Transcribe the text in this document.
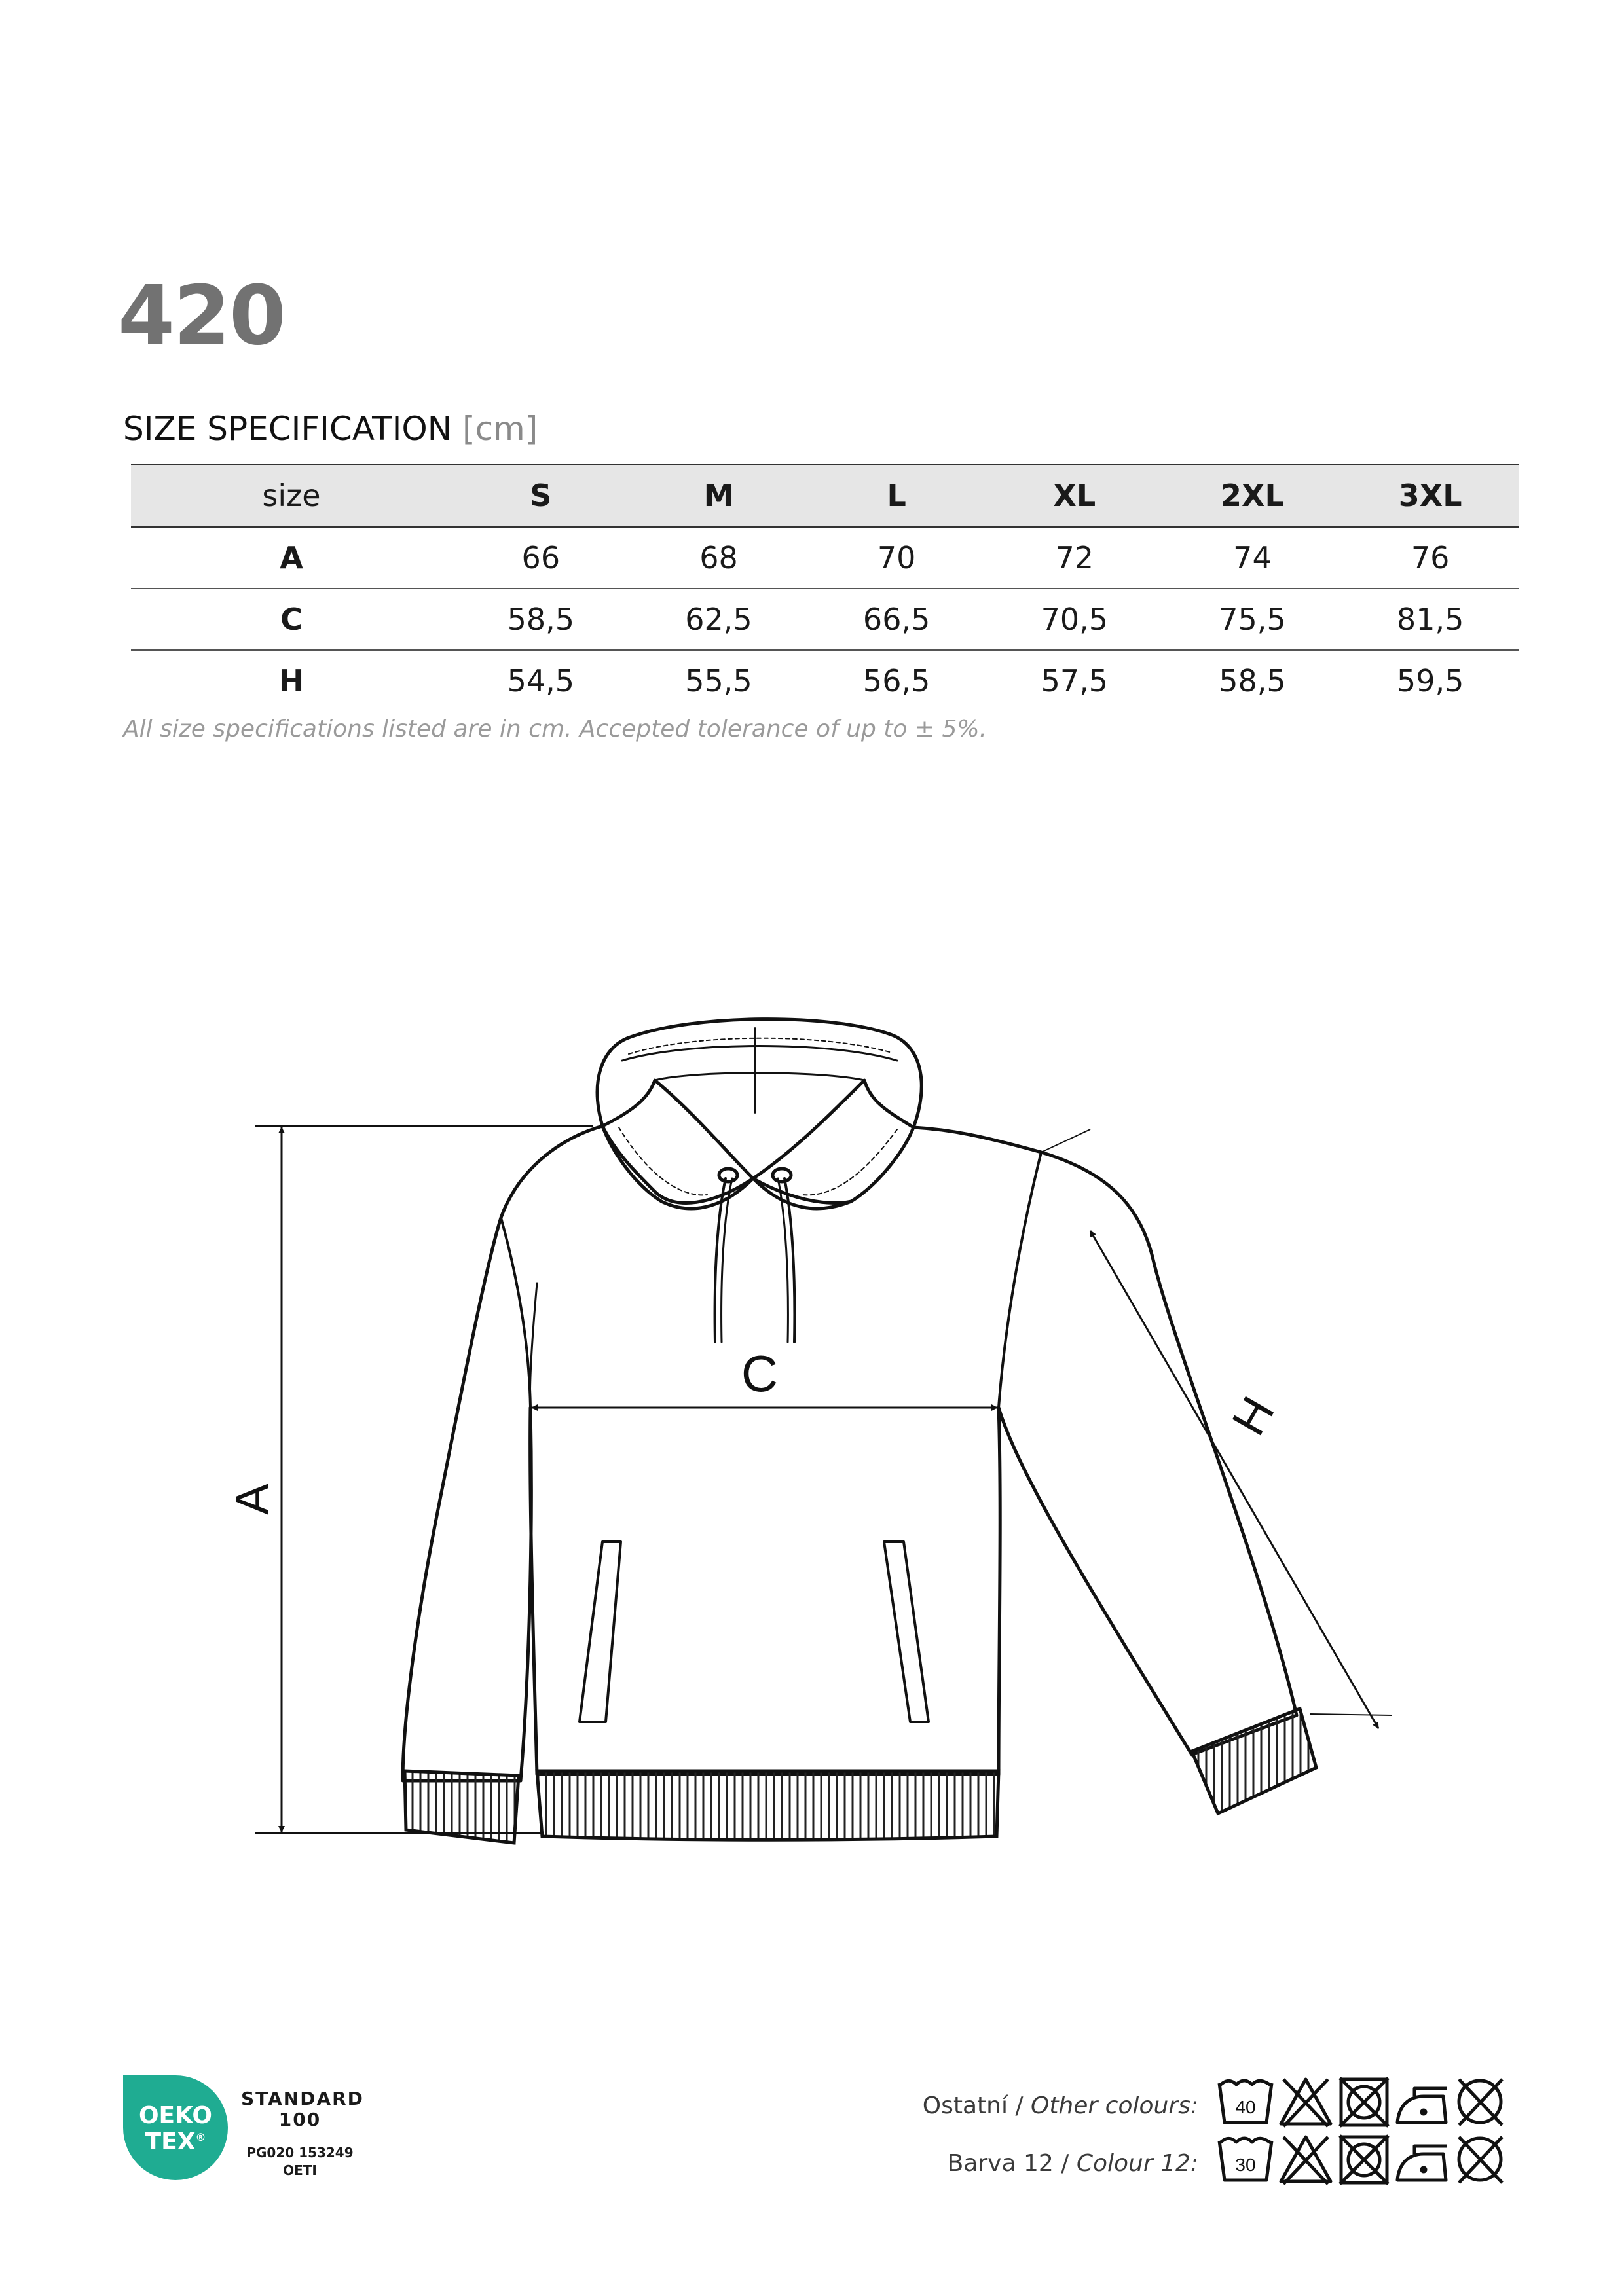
420
SIZE SPECIFICATION [cm]
size	S	M	L	XL	2XL	3XL
A	66	68	70	72	74	76
C	58,5	62,5	66,5	70,5	75,5	81,5
H	54,5	55,5	56,5	57,5	58,5	59,5
All size specifications listed are in cm. Accepted tolerance of up to ± 5%.
A
C
H
OEKO
TEX®
STANDARD
100
PG020 153249
OETI
Ostatní / Other colours:
Barva 12 / Colour 12:
40
30
